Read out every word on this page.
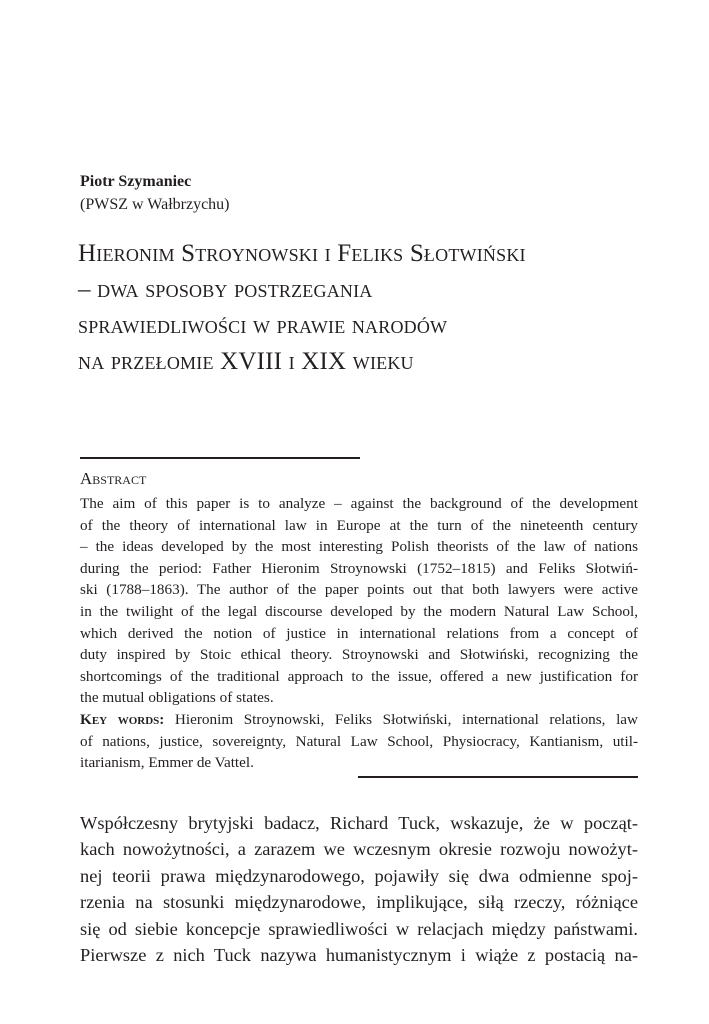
Piotr Szymaniec
(PWSZ w Wałbrzychu)
Hieronim Stroynowski i Feliks Słotwiński
– dwa sposoby postrzegania
sprawiedliwości w prawie narodów
na przełomie XVIII i XIX wieku
Abstract
The aim of this paper is to analyze – against the background of the development
of the theory of international law in Europe at the turn of the nineteenth century
– the ideas developed by the most interesting Polish theorists of the law of nations
during the period: Father Hieronim Stroynowski (1752–1815) and Feliks Słotwiń-
ski (1788–1863). The author of the paper points out that both lawyers were active
in the twilight of the legal discourse developed by the modern Natural Law School,
which derived the notion of justice in international relations from a concept of
duty inspired by Stoic ethical theory. Stroynowski and Słotwiński, recognizing the
shortcomings of the traditional approach to the issue, offered a new justification for
the mutual obligations of states.
Key words: Hieronim Stroynowski, Feliks Słotwiński, international relations, law
of nations, justice, sovereignty, Natural Law School, Physiocracy, Kantianism, util-
itarianism, Emmer de Vattel.
Współczesny brytyjski badacz, Richard Tuck, wskazuje, że w począt-
kach nowożytności, a zarazem we wczesnym okresie rozwoju nowożyt-
nej teorii prawa międzynarodowego, pojawiły się dwa odmienne spoj-
rzenia na stosunki międzynarodowe, implikujące, siłą rzeczy, różniące
się od siebie koncepcje sprawiedliwości w relacjach między państwami.
Pierwsze z nich Tuck nazywa humanistycznym i wiąże z postacią na-
